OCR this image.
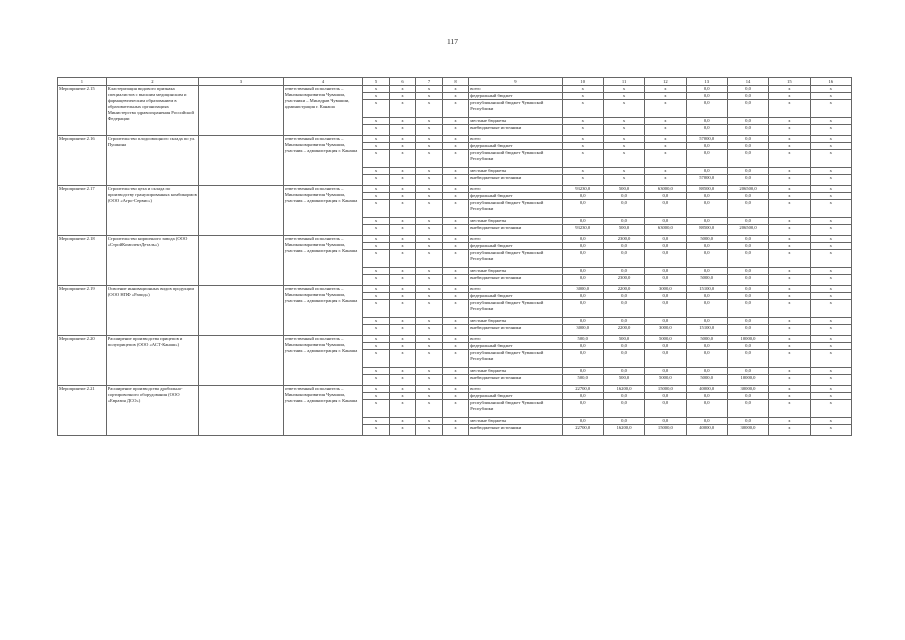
117
1	2	3	4	5	6	7	8	9	10	11	12	13	14	15	16
Мероприятие 2.15	Кластеризация видового признака специалистов с высшим медицинским и фармацевтическим образованием в образовательных организациях Министерства здравоохранения Российской Федерации		ответственный исполнитель – Минэкономразвития Чувашии, участники – Минздрав Чувашии, администрация г. Канаша	x	x	x	x	всего	x	x	x	0,0	0,0	x	x
				x	x	x	x	федеральный бюджет	x	x	x	0,0	0,0	x	x
				x	x	x	x	республиканский бюджет Чувашской Республики	x	x	x	0,0	0,0	x	x
				x	x	x	x	местные бюджеты	x	x	x	0,0	0,0	x	x
				x	x	x	x	внебюджетные источники	x	x	x	0,0	0,0	x	x
Мероприятие 2.16	Строительство плодоовощного склада по ул. Пушкина		ответственный исполнитель – Минэкономразвития Чувашии, участник – администрация г. Канаша	x	x	x	x	всего	x	x	x	57000,0	0,0	x	x
				x	x	x	x	федеральный бюджет	x	x	x	0,0	0,0	x	x
				x	x	x	x	республиканский бюджет Чувашской Республики	x	x	x	0,0	0,0	x	x
				x	x	x	x	местные бюджеты	x	x	x	0,0	0,0	x	x
				x	x	x	x	внебюджетные источники	x	x	x	57000,0	0,0	x	x
Мероприятие 2.17	Строительство цеха и склада по производству гранулированных комбикормов (ООО «Агро-Сервис»)		ответственный исполнитель – Минэкономразвития Чувашии, участник – администрация г. Канаша	x	x	x	x	всего	93230,0	500,0	63000,0	88500,0	206500,0	x	x
				x	x	x	x	федеральный бюджет	0,0	0,0	0,0	0,0	0,0	x	x
				x	x	x	x	республиканский бюджет Чувашской Республики	0,0	0,0	0,0	0,0	0,0	x	x
				x	x	x	x	местные бюджеты	0,0	0,0	0,0	0,0	0,0	x	x
				x	x	x	x	внебюджетные источники	93230,0	500,0	63000,0	88500,0	206500,0	x	x
Мероприятие 2.18	Строительство кирпичного завода (ООО «СтройКомплектДеталь»)		ответственный исполнитель – Минэкономразвития Чувашии, участник – администрация г. Канаша	x	x	x	x	всего	0,0	2300,0	0,0	5000,0	0,0	x	x
				x	x	x	x	федеральный бюджет	0,0	0,0	0,0	0,0	0,0	x	x
				x	x	x	x	республиканский бюджет Чувашской Республики	0,0	0,0	0,0	0,0	0,0	x	x
				x	x	x	x	местные бюджеты	0,0	0,0	0,0	0,0	0,0	x	x
				x	x	x	x	внебюджетные источники	0,0	2300,0	0,0	5000,0	0,0	x	x
Мероприятие 2.19	Освоение инновационных видов продукции (ООО НПФ «Рапид»)		ответственный исполнитель – Минэкономразвития Чувашии, участник – администрация г. Канаша	x	x	x	x	всего	3000,0	2200,0	3000,0	15100,0	0,0	x	x
				x	x	x	x	федеральный бюджет	0,0	0,0	0,0	0,0	0,0	x	x
				x	x	x	x	республиканский бюджет Чувашской Республики	0,0	0,0	0,0	0,0	0,0	x	x
				x	x	x	x	местные бюджеты	0,0	0,0	0,0	0,0	0,0	x	x
				x	x	x	x	внебюджетные источники	3000,0	2200,0	3000,0	15100,0	0,0	x	x
Мероприятие 2.20	Расширение производства прицепов и полуприцепов (ООО «АСТ-Канаш»)		ответственный исполнитель – Минэкономразвития Чувашии, участник – администрация г. Канаша	x	x	x	x	всего	500,0	500,0	5000,0	5000,0	10000,0	x	x
				x	x	x	x	федеральный бюджет	0,0	0,0	0,0	0,0	0,0	x	x
				x	x	x	x	республиканский бюджет Чувашской Республики	0,0	0,0	0,0	0,0	0,0	x	x
				x	x	x	x	местные бюджеты	0,0	0,0	0,0	0,0	0,0	x	x
				x	x	x	x	внебюджетные источники	500,0	500,0	5000,0	5000,0	10000,0	x	x
Мероприятие 2.21	Расширение производства дробильно-сортировочного оборудования (ООО «Евразия ДСО»)		ответственный исполнитель – Минэкономразвития Чувашии, участник – администрация г. Канаша	x	x	x	x	всего	22700,0	16200,0	15000,0	40000,0	30000,0	x	x
				x	x	x	x	федеральный бюджет	0,0	0,0	0,0	0,0	0,0	x	x
				x	x	x	x	республиканский бюджет Чувашской Республики	0,0	0,0	0,0	0,0	0,0	x	x
				x	x	x	x	местные бюджеты	0,0	0,0	0,0	0,0	0,0	x	x
				x	x	x	x	внебюджетные источники	22700,0	16200,0	15000,0	40000,0	30000,0	x	x
